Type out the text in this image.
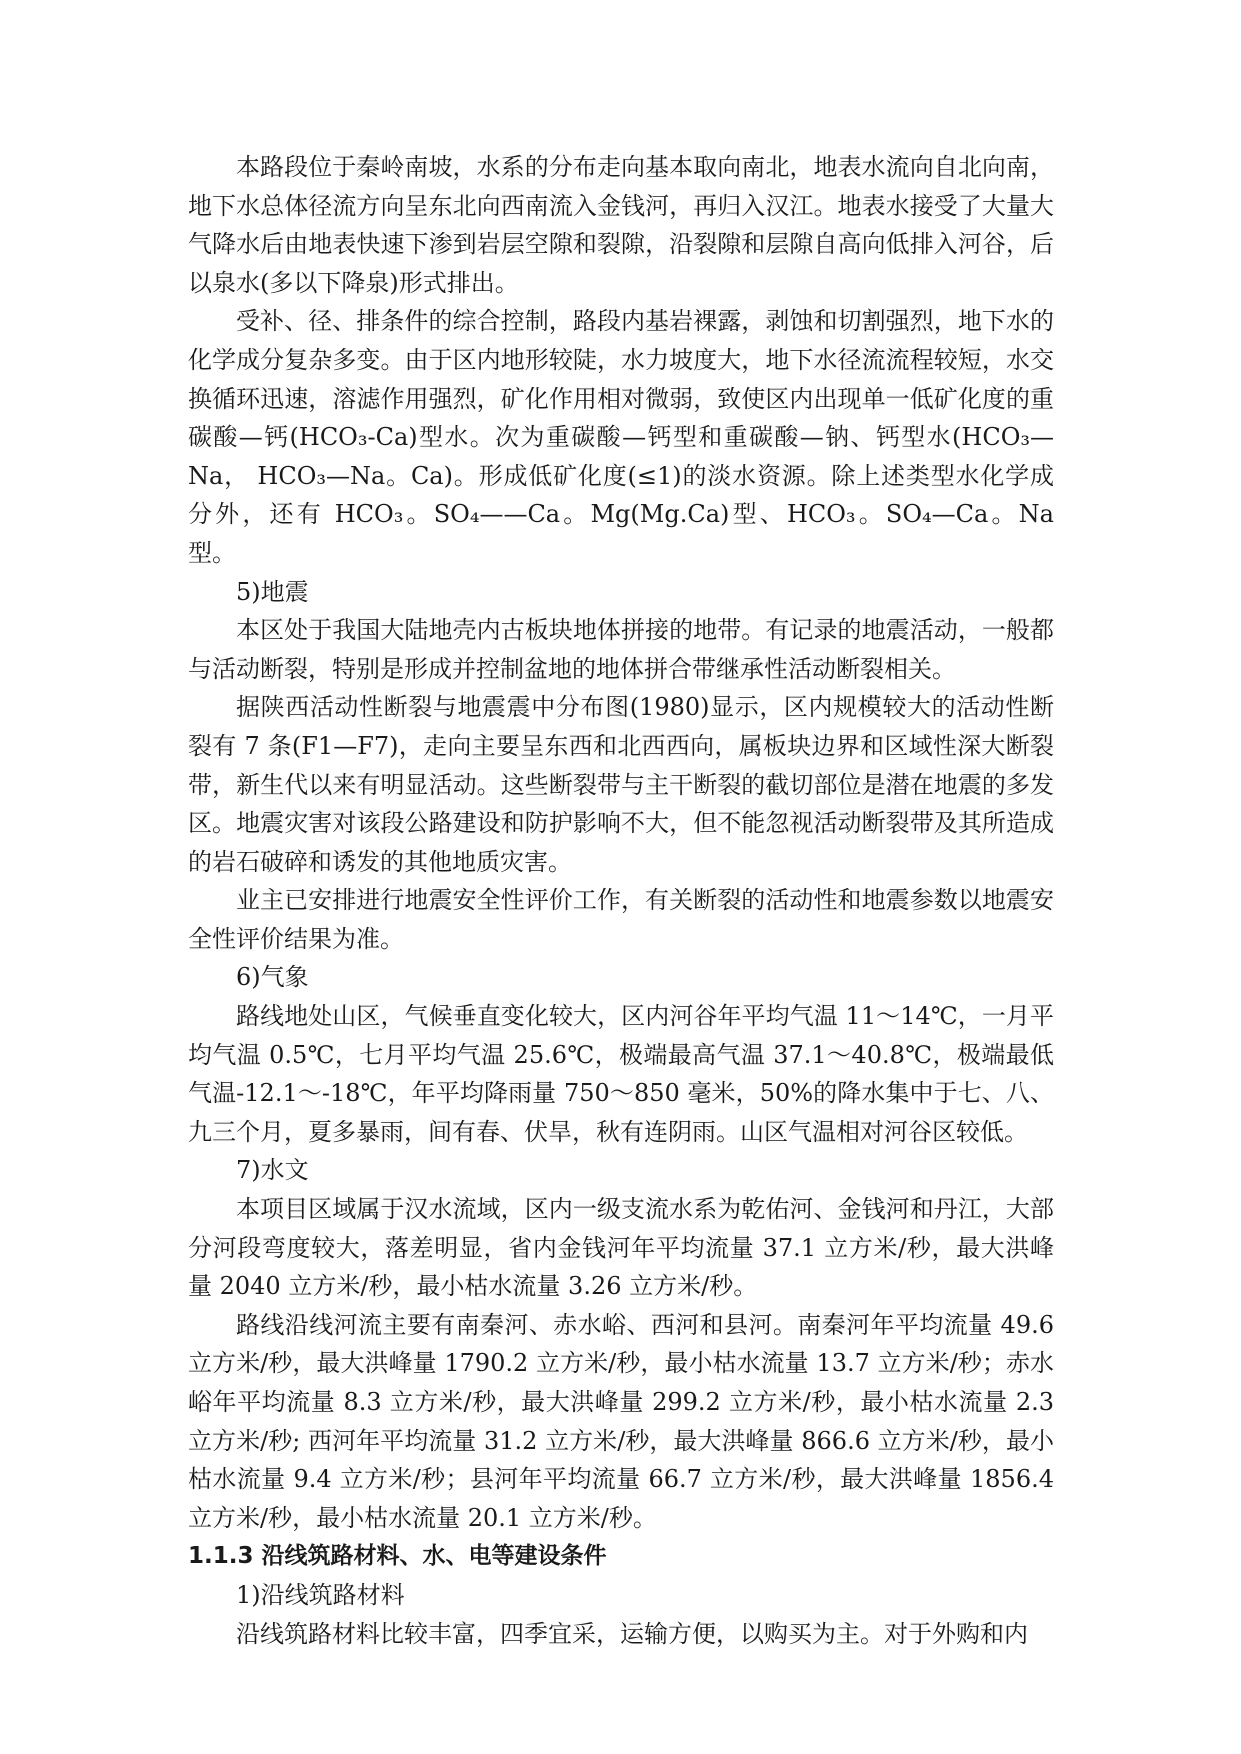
本路段位于秦岭南坡，水系的分布走向基本取向南北，地表水流向自北向南，地下水总体径流方向呈东北向西南流入金钱河，再归入汉江。地表水接受了大量大气降水后由地表快速下渗到岩层空隙和裂隙，沿裂隙和层隙自高向低排入河谷，后以泉水(多以下降泉)形式排出。

受补、径、排条件的综合控制，路段内基岩裸露，剥蚀和切割强烈，地下水的化学成分复杂多变。由于区内地形较陡，水力坡度大，地下水径流流程较短，水交换循环迅速，溶滤作用强烈，矿化作用相对微弱，致使区内出现单一低矿化度的重碳酸—钙(HCO₃-Ca)型水。次为重碳酸—钙型和重碳酸—钠、钙型水(HCO₃—Na， HCO₃—Na。Ca)。形成低矿化度(≤1)的淡水资源。除上述类型水化学成分外，还有 HCO₃。SO₄——Ca。Mg(Mg.Ca)型、HCO₃。SO₄—Ca。Na 型。

5)地震

本区处于我国大陆地壳内古板块地体拼接的地带。有记录的地震活动，一般都与活动断裂，特别是形成并控制盆地的地体拼合带继承性活动断裂相关。

据陕西活动性断裂与地震震中分布图(1980)显示，区内规模较大的活动性断裂有 7 条(F1—F7)，走向主要呈东西和北西西向，属板块边界和区域性深大断裂带，新生代以来有明显活动。这些断裂带与主干断裂的截切部位是潜在地震的多发区。地震灾害对该段公路建设和防护影响不大，但不能忽视活动断裂带及其所造成的岩石破碎和诱发的其他地质灾害。

业主已安排进行地震安全性评价工作，有关断裂的活动性和地震参数以地震安全性评价结果为准。

6)气象

路线地处山区，气候垂直变化较大，区内河谷年平均气温 11～14℃，一月平均气温 0.5℃，七月平均气温 25.6℃，极端最高气温 37.1～40.8℃，极端最低气温-12.1～-18℃，年平均降雨量 750～850 毫米，50%的降水集中于七、八、九三个月，夏多暴雨，间有春、伏旱，秋有连阴雨。山区气温相对河谷区较低。

7)水文

本项目区域属于汉水流域，区内一级支流水系为乾佑河、金钱河和丹江，大部分河段弯度较大，落差明显，省内金钱河年平均流量 37.1 立方米/秒，最大洪峰量 2040 立方米/秒，最小枯水流量 3.26 立方米/秒。

路线沿线河流主要有南秦河、赤水峪、西河和县河。南秦河年平均流量 49.6 立方米/秒，最大洪峰量 1790.2 立方米/秒，最小枯水流量 13.7 立方米/秒；赤水峪年平均流量 8.3 立方米/秒，最大洪峰量 299.2 立方米/秒，最小枯水流量 2.3 立方米/秒; 西河年平均流量 31.2 立方米/秒，最大洪峰量 866.6 立方米/秒，最小枯水流量 9.4 立方米/秒；县河年平均流量 66.7 立方米/秒，最大洪峰量 1856.4 立方米/秒，最小枯水流量 20.1 立方米/秒。

1.1.3 沿线筑路材料、水、电等建设条件

1)沿线筑路材料

沿线筑路材料比较丰富，四季宜采，运输方便，以购买为主。对于外购和内
